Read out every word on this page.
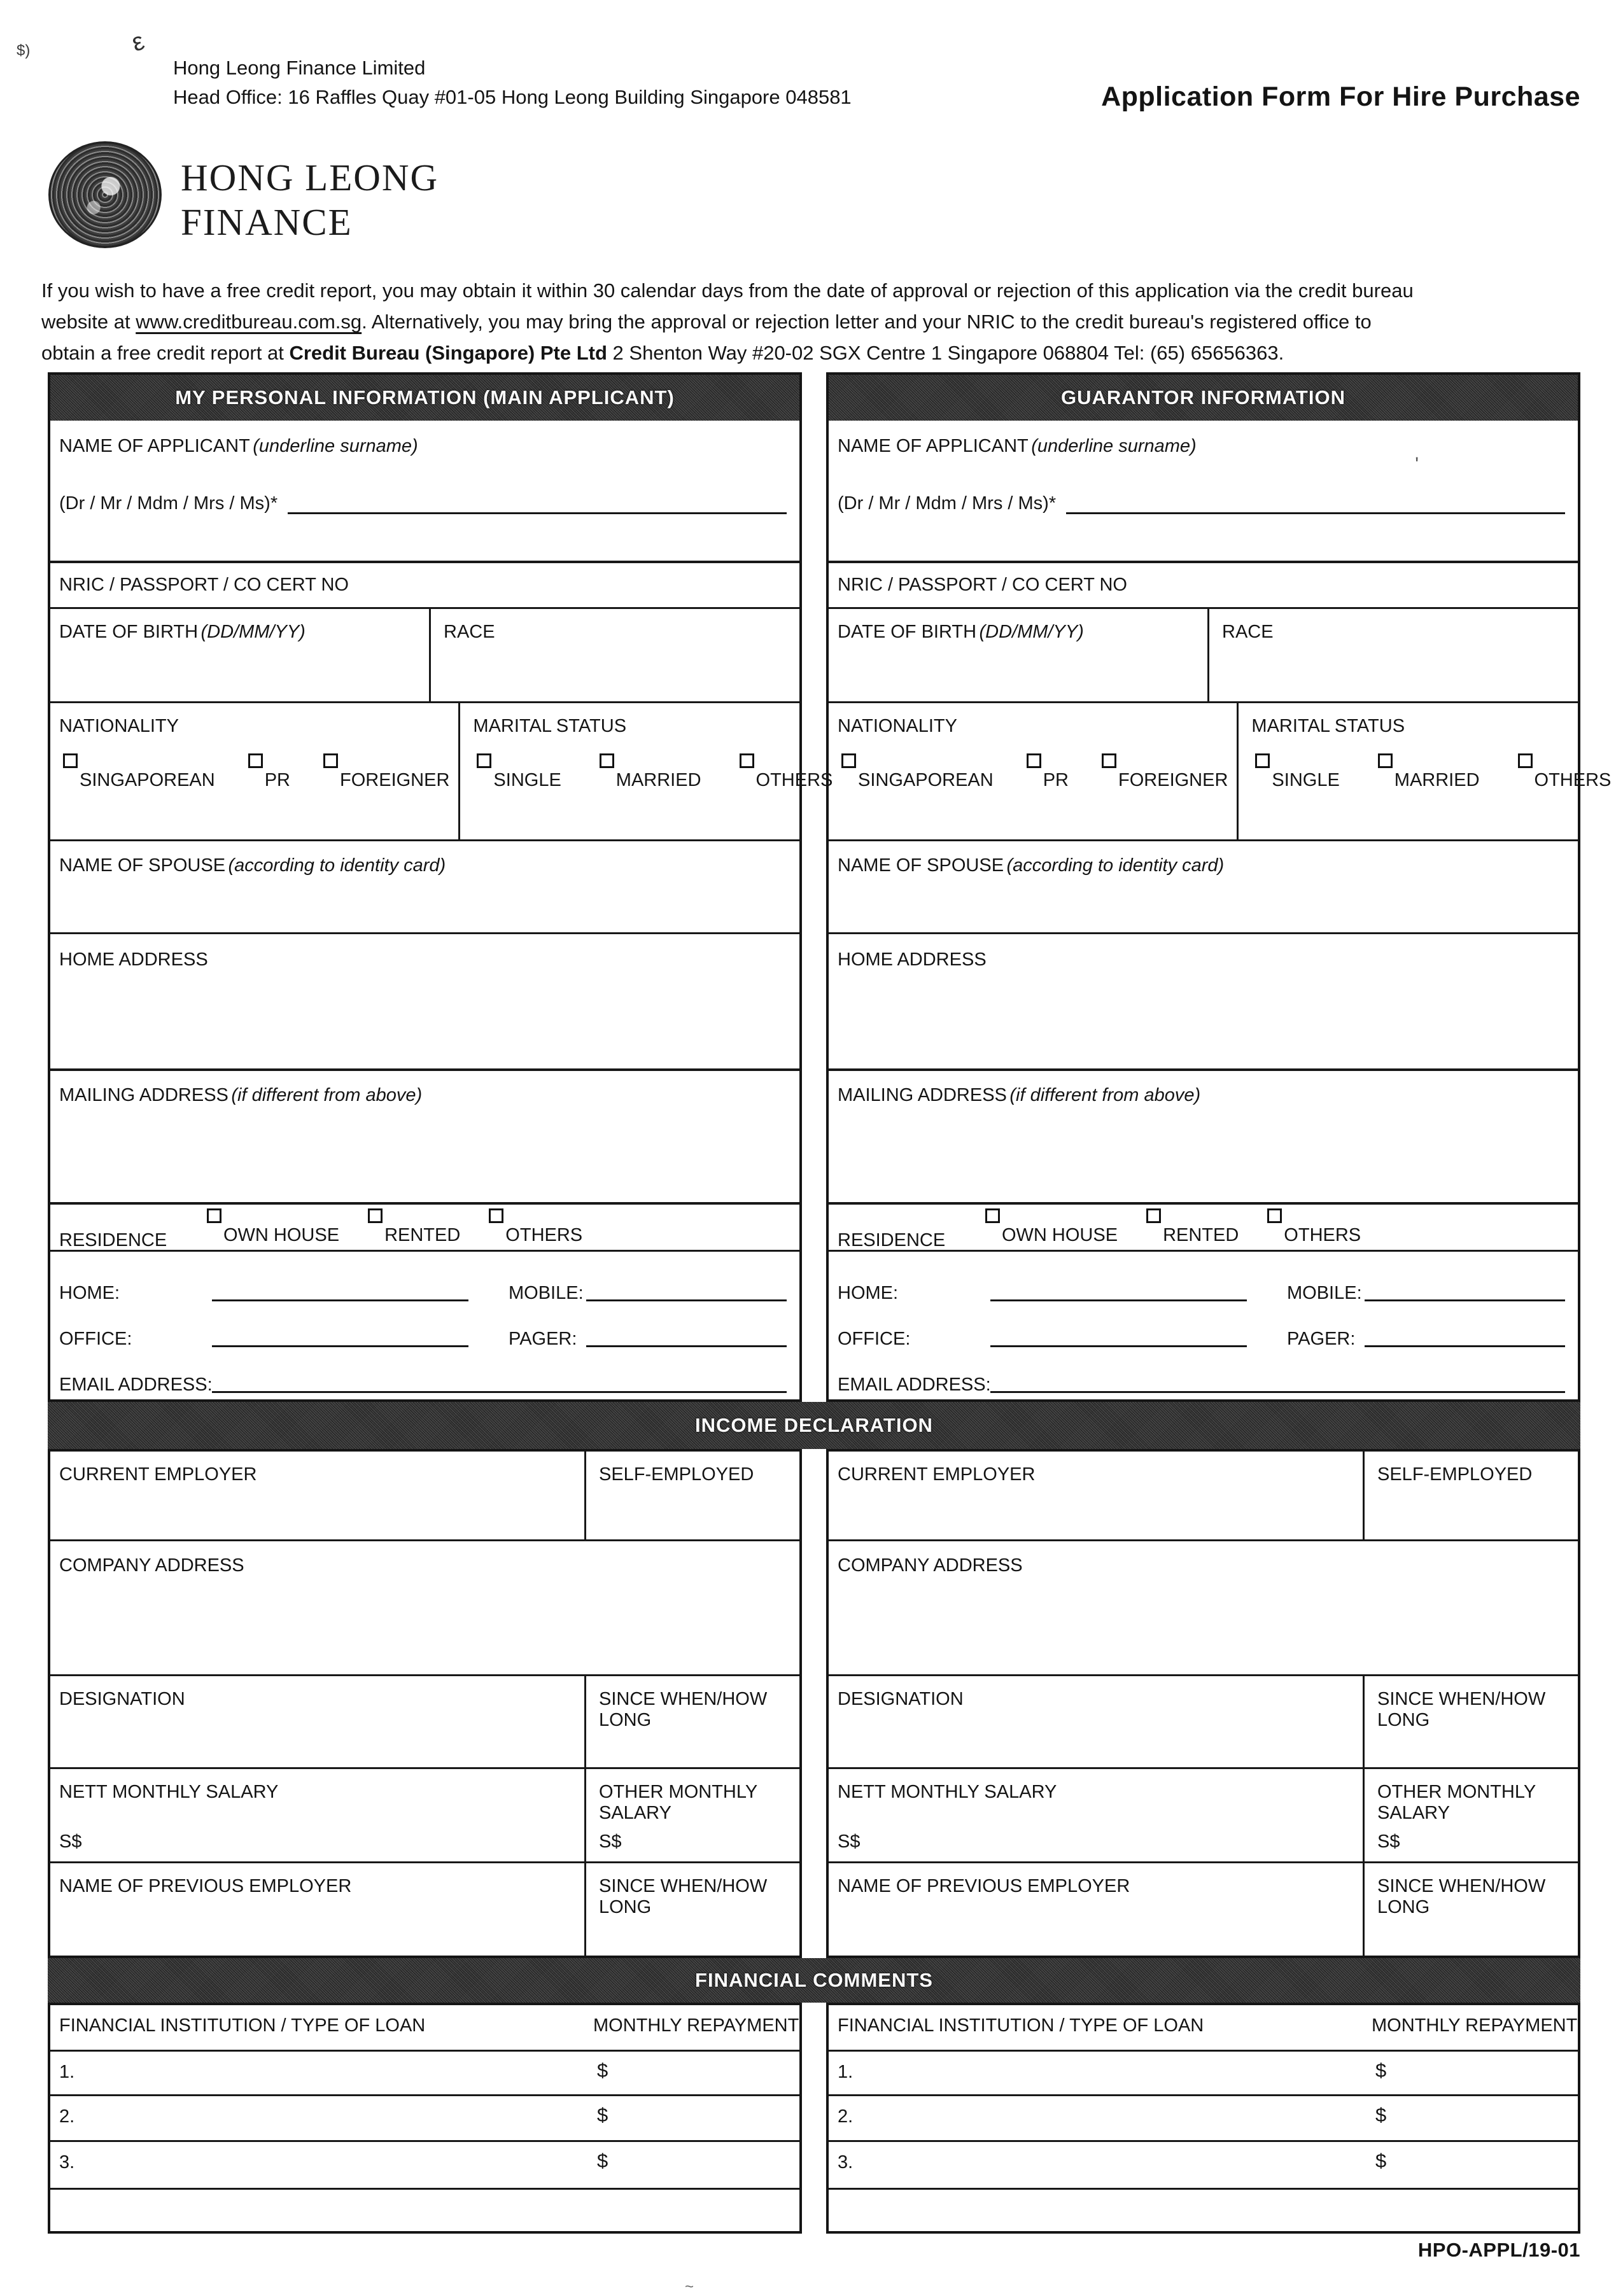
$)	ε
~
Hong Leong Finance Limited
Head Office: 16 Raffles Quay #01-05 Hong Leong Building Singapore 048581	Application Form For Hire Purchase
HONG LEONG
FINANCE
If you wish to have a free credit report, you may obtain it within 30 calendar days from the date of approval or rejection of this application via the credit bureau
website at www.creditbureau.com.sg. Alternatively, you may bring the approval or rejection letter and your NRIC to the credit bureau's registered office to
obtain a free credit report at Credit Bureau (Singapore) Pte Ltd 2 Shenton Way #20-02 SGX Centre 1 Singapore 068804 Tel: (65) 65656363.
MY PERSONAL INFORMATION (MAIN APPLICANT)
NAME OF APPLICANT (underline surname)
(Dr / Mr / Mdm / Mrs / Ms)*
NRIC / PASSPORT / CO CERT NO
DATE OF BIRTH (DD/MM/YY)	RACE
NATIONALITY
SINGAPOREAN	PR	FOREIGNER
MARITAL STATUS
SINGLE	MARRIED	OTHERS
NAME OF SPOUSE (according to identity card)
HOME ADDRESS
MAILING ADDRESS (if different from above)
RESIDENCE	OWN HOUSE RENTED OTHERS
HOME:	MOBILE:
OFFICE:	PAGER:
EMAIL ADDRESS:
GUARANTOR INFORMATION
'
NAME OF APPLICANT (underline surname)
(Dr / Mr / Mdm / Mrs / Ms)*
NRIC / PASSPORT / CO CERT NO
DATE OF BIRTH (DD/MM/YY)	RACE
NATIONALITY
SINGAPOREAN	PR	FOREIGNER
MARITAL STATUS
SINGLE	MARRIED	OTHERS
NAME OF SPOUSE (according to identity card)
HOME ADDRESS
MAILING ADDRESS (if different from above)
RESIDENCE	OWN HOUSE RENTED OTHERS
HOME:	MOBILE:
OFFICE:	PAGER:
EMAIL ADDRESS:
INCOME DECLARATION
CURRENT EMPLOYER	SELF-EMPLOYED
COMPANY ADDRESS
DESIGNATION	SINCE WHEN/HOW LONG
NETT MONTHLY SALARY
S$
OTHER MONTHLY SALARY
S$
NAME OF PREVIOUS EMPLOYER	SINCE WHEN/HOW LONG
CURRENT EMPLOYER	SELF-EMPLOYED
COMPANY ADDRESS
DESIGNATION	SINCE WHEN/HOW LONG
NETT MONTHLY SALARY
S$
OTHER MONTHLY SALARY
S$
NAME OF PREVIOUS EMPLOYER	SINCE WHEN/HOW LONG
FINANCIAL COMMENTS
FINANCIAL INSTITUTION / TYPE OF LOAN	MONTHLY REPAYMENT
1.	$
2.	$
3.	$
FINANCIAL INSTITUTION / TYPE OF LOAN	MONTHLY REPAYMENT
1.	$
2.	$
3.	$
HPO-APPL/19-01
